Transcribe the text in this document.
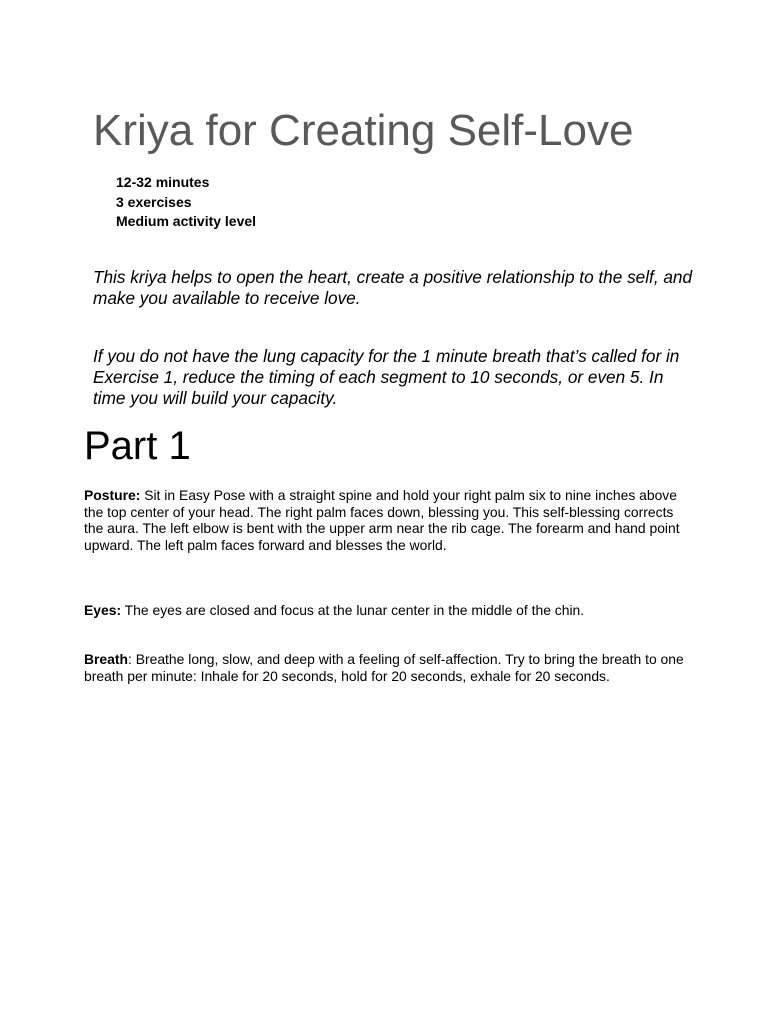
Kriya for Creating Self-Love
12-32 minutes
3 exercises
Medium activity level

This kriya helps to open the heart, create a positive relationship to the self, and make you available to receive love.

If you do not have the lung capacity for the 1 minute breath that’s called for in Exercise 1, reduce the timing of each segment to 10 seconds, or even 5. In time you will build your capacity.

Part 1

Posture: Sit in Easy Pose with a straight spine and hold your right palm six to nine inches above the top center of your head. The right palm faces down, blessing you. This self-blessing corrects the aura. The left elbow is bent with the upper arm near the rib cage. The forearm and hand point upward. The left palm faces forward and blesses the world.

Eyes: The eyes are closed and focus at the lunar center in the middle of the chin.

Breath: Breathe long, slow, and deep with a feeling of self-affection. Try to bring the breath to one breath per minute: Inhale for 20 seconds, hold for 20 seconds, exhale for 20 seconds.
